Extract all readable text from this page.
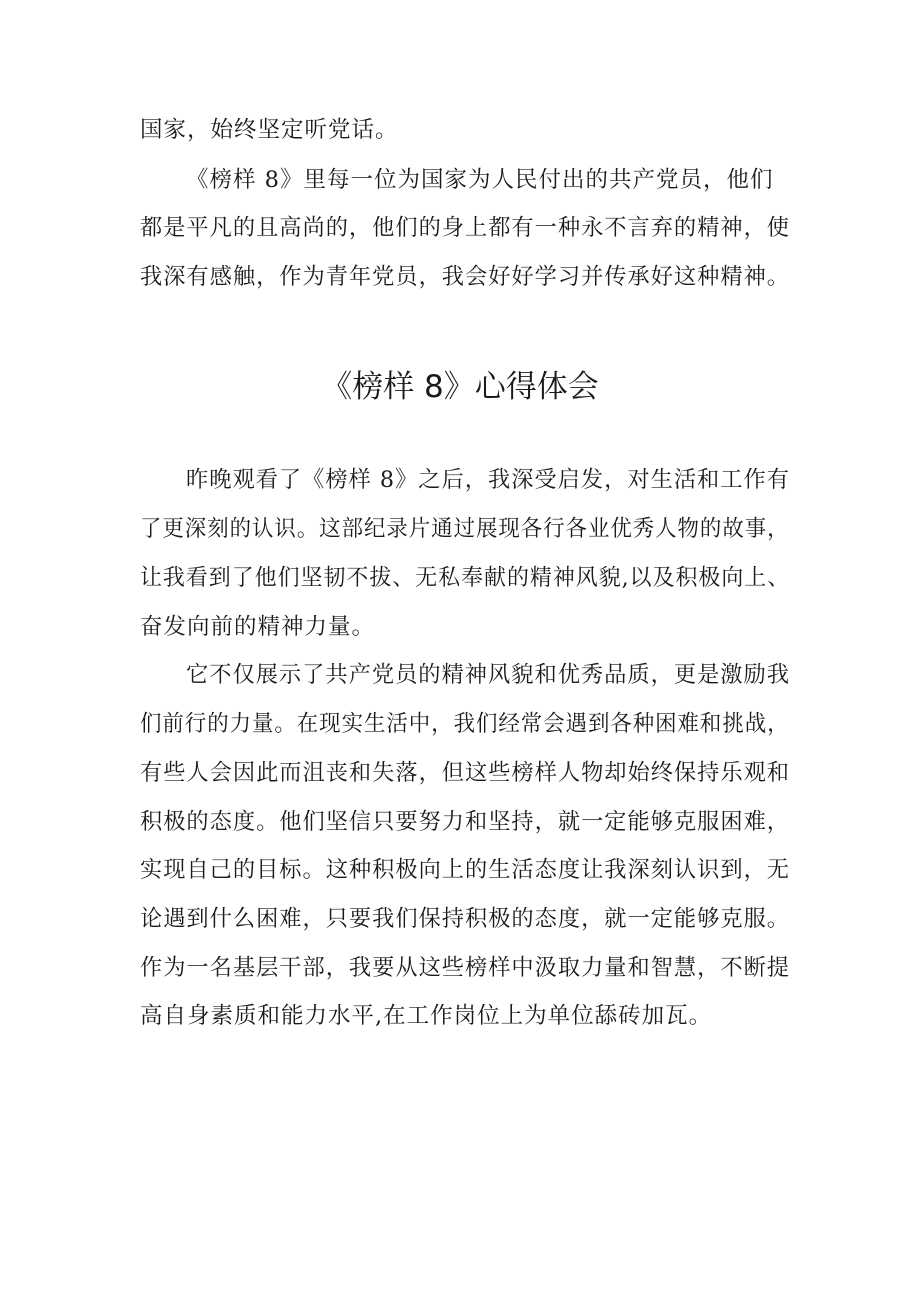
国家，始终坚定听党话。
《榜样 8》里每一位为国家为人民付出的共产党员，他们
都是平凡的且高尚的，他们的身上都有一种永不言弃的精神，使
我深有感触，作为青年党员，我会好好学习并传承好这种精神。
《榜样 8》心得体会
昨晚观看了《榜样 8》之后，我深受启发，对生活和工作有
了更深刻的认识。这部纪录片通过展现各行各业优秀人物的故事，
让我看到了他们坚韧不拔、无私奉献的精神风貌,以及积极向上、
奋发向前的精神力量。
它不仅展示了共产党员的精神风貌和优秀品质，更是激励我
们前行的力量。在现实生活中，我们经常会遇到各种困难和挑战，
有些人会因此而沮丧和失落，但这些榜样人物却始终保持乐观和
积极的态度。他们坚信只要努力和坚持，就一定能够克服困难，
实现自己的目标。这种积极向上的生活态度让我深刻认识到，无
论遇到什么困难，只要我们保持积极的态度，就一定能够克服。
作为一名基层干部，我要从这些榜样中汲取力量和智慧，不断提
高自身素质和能力水平,在工作岗位上为单位舔砖加瓦。
